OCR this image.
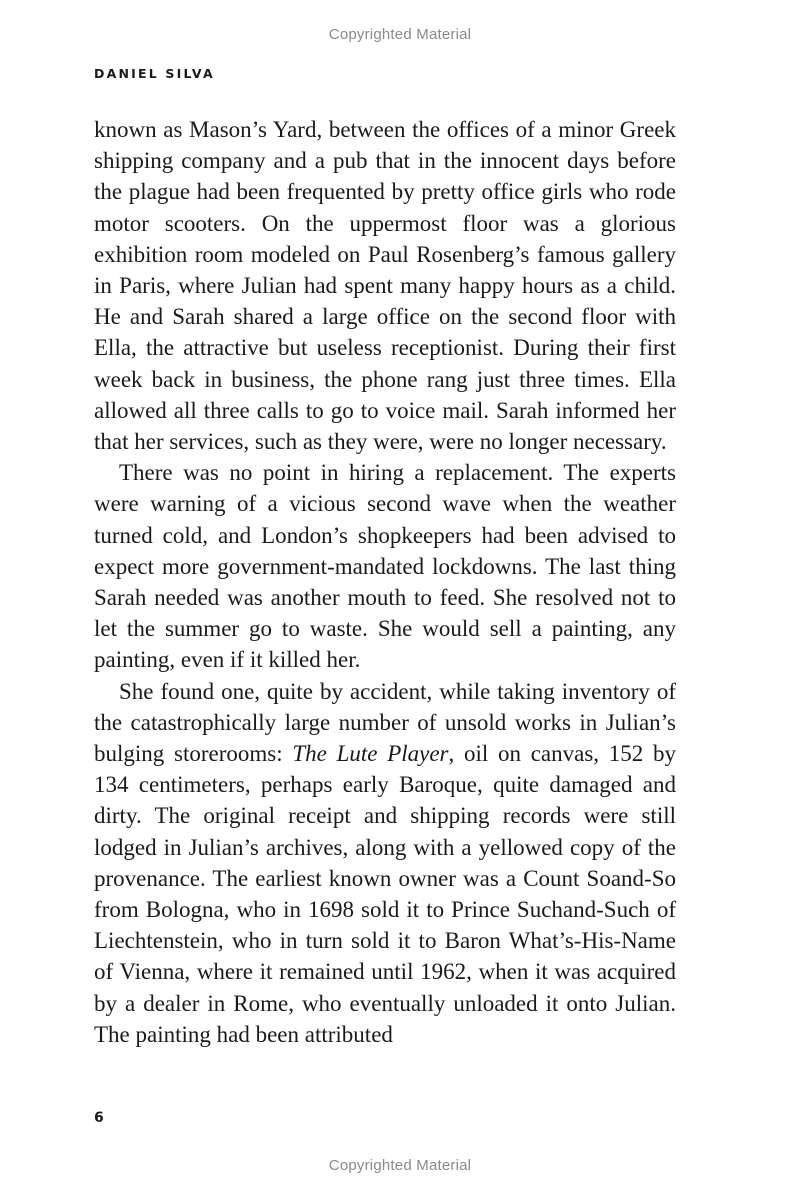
Copyrighted Material
DANIEL SILVA

known as Mason’s Yard, between the offices of a minor Greek shipping company and a pub that in the innocent days before the plague had been frequented by pretty office girls who rode motor scooters. On the uppermost floor was a glorious exhibition room modeled on Paul Rosenberg’s famous gallery in Paris, where Julian had spent many happy hours as a child. He and Sarah shared a large office on the second floor with Ella, the attractive but useless receptionist. During their first week back in business, the phone rang just three times. Ella allowed all three calls to go to voice mail. Sarah informed her that her services, such as they were, were no longer necessary.

There was no point in hiring a replacement. The experts were warning of a vicious second wave when the weather turned cold, and London’s shopkeepers had been advised to expect more government-mandated lockdowns. The last thing Sarah needed was another mouth to feed. She resolved not to let the summer go to waste. She would sell a painting, any painting, even if it killed her.

She found one, quite by accident, while taking inventory of the catastrophically large number of unsold works in Julian’s bulging storerooms: The Lute Player, oil on canvas, 152 by 134 centimeters, perhaps early Baroque, quite damaged and dirty. The original receipt and shipping records were still lodged in Julian’s archives, along with a yellowed copy of the provenance. The earliest known owner was a Count Soand-So from Bologna, who in 1698 sold it to Prince Suchand-Such of Liechtenstein, who in turn sold it to Baron What’s-His-Name of Vienna, where it remained until 1962, when it was acquired by a dealer in Rome, who eventually unloaded it onto Julian. The painting had been attributed

6
Copyrighted Material
